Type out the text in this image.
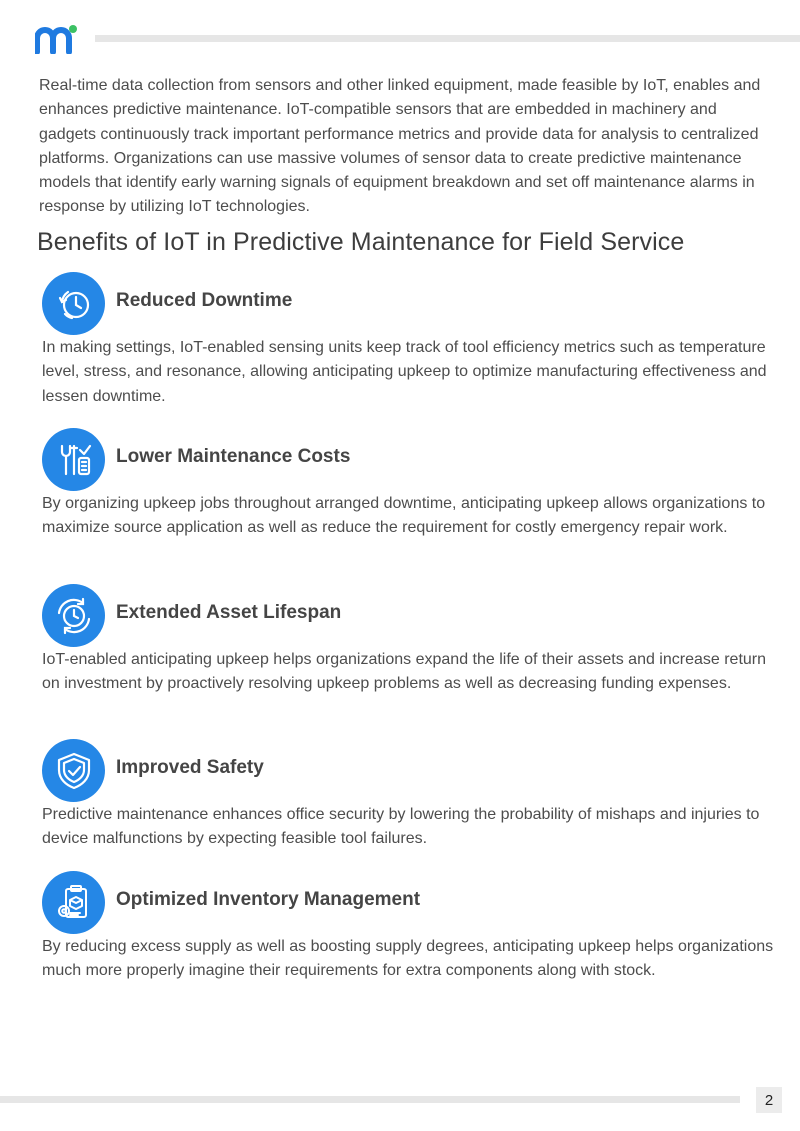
Real-time data collection from sensors and other linked equipment, made feasible by IoT, enables and enhances predictive maintenance. IoT-compatible sensors that are embedded in machinery and gadgets continuously track important performance metrics and provide data for analysis to centralized platforms. Organizations can use massive volumes of sensor data to create predictive maintenance models that identify early warning signals of equipment breakdown and set off maintenance alarms in response by utilizing IoT technologies.

Benefits of IoT in Predictive Maintenance for Field Service
Reduced Downtime

In making settings, IoT-enabled sensing units keep track of tool efficiency metrics such as temperature level, stress, and resonance, allowing anticipating upkeep to optimize manufacturing effectiveness and lessen downtime.

Lower Maintenance Costs

By organizing upkeep jobs throughout arranged downtime, anticipating upkeep allows organizations to maximize source application as well as reduce the requirement for costly emergency repair work.

Extended Asset Lifespan

IoT-enabled anticipating upkeep helps organizations expand the life of their assets and increase return on investment by proactively resolving upkeep problems as well as decreasing funding expenses.

Improved Safety

Predictive maintenance enhances office security by lowering the probability of mishaps and injuries to device malfunctions by expecting feasible tool failures.

Optimized Inventory Management

By reducing excess supply as well as boosting supply degrees, anticipating upkeep helps organizations much more properly imagine their requirements for extra components along with stock.

2
